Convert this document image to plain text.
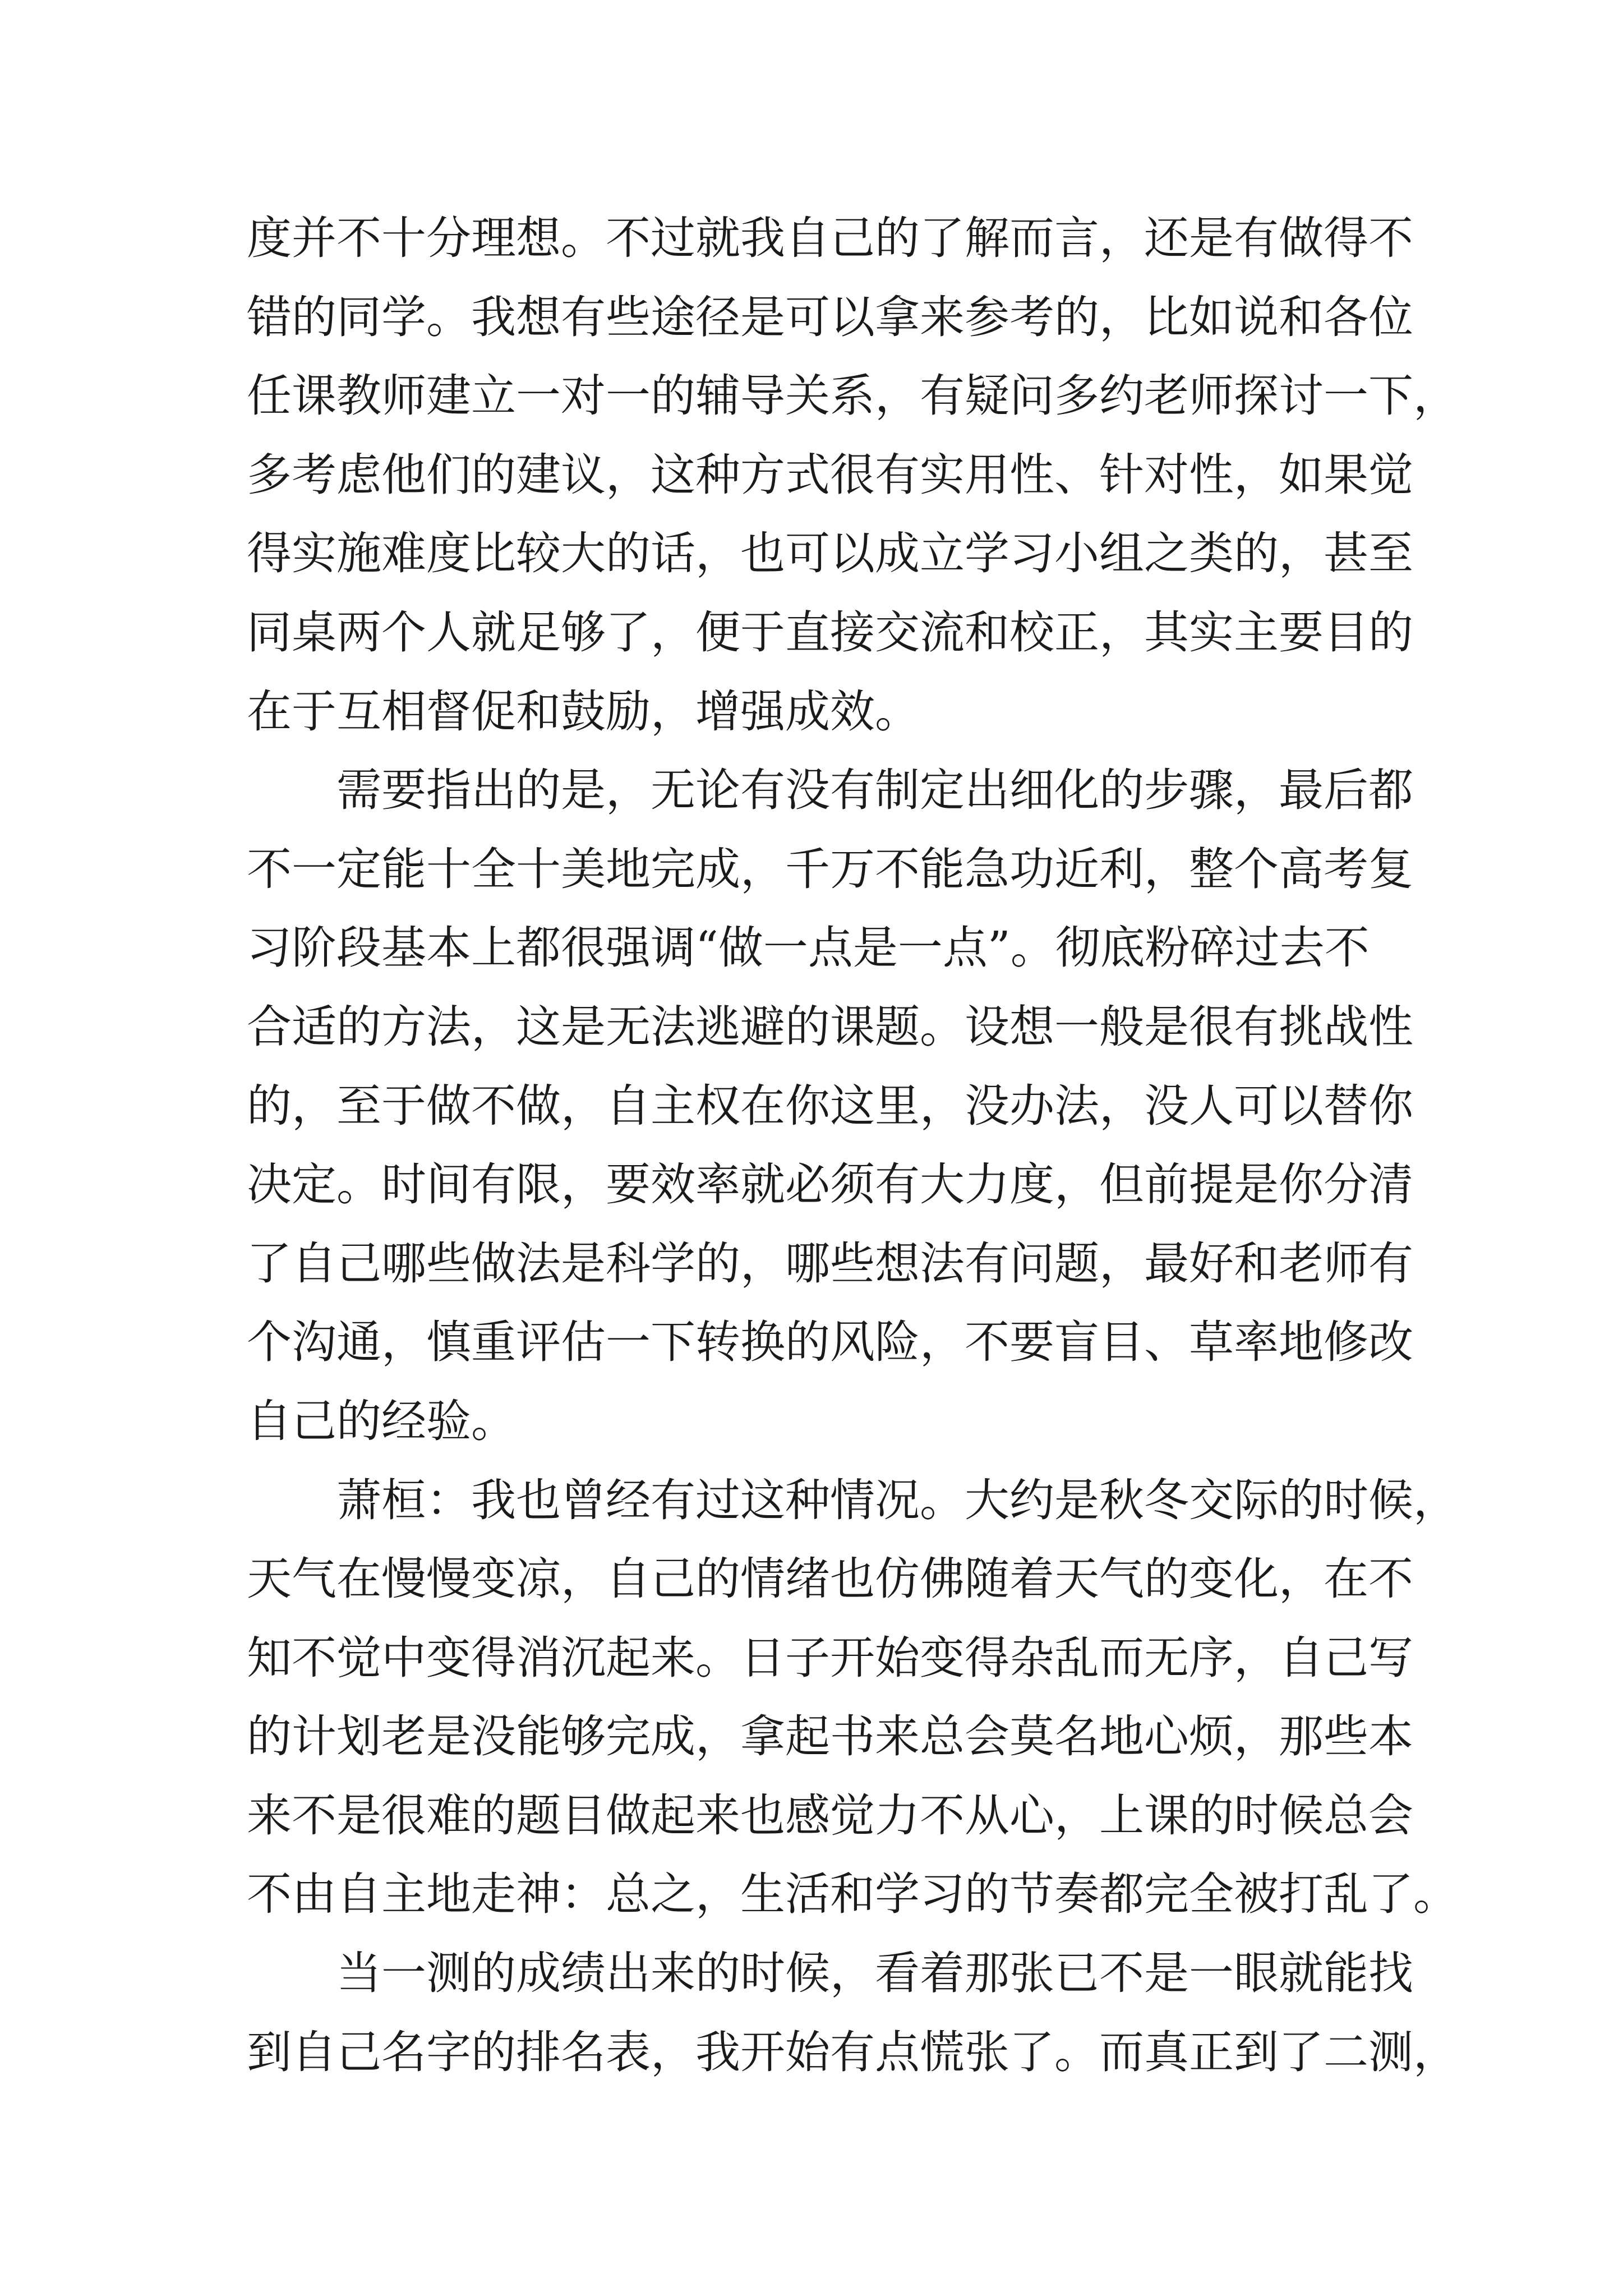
度并不十分理想。不过就我自己的了解而言，还是有做得不
错的同学。我想有些途径是可以拿来参考的，比如说和各位
任课教师建立一对一的辅导关系，有疑问多约老师探讨一下，
多考虑他们的建议，这种方式很有实用性、针对性，如果觉
得实施难度比较大的话，也可以成立学习小组之类的，甚至
同桌两个人就足够了，便于直接交流和校正，其实主要目的
在于互相督促和鼓励，增强成效。
　　需要指出的是，无论有没有制定出细化的步骤，最后都
不一定能十全十美地完成，千万不能急功近利，整个高考复
习阶段基本上都很强调“做一点是一点”。彻底粉碎过去不
合适的方法，这是无法逃避的课题。设想一般是很有挑战性
的，至于做不做，自主权在你这里，没办法，没人可以替你
决定。时间有限，要效率就必须有大力度，但前提是你分清
了自己哪些做法是科学的，哪些想法有问题，最好和老师有
个沟通，慎重评估一下转换的风险，不要盲目、草率地修改
自己的经验。
　　萧桓：我也曾经有过这种情况。大约是秋冬交际的时候，
天气在慢慢变凉，自己的情绪也仿佛随着天气的变化，在不
知不觉中变得消沉起来。日子开始变得杂乱而无序，自己写
的计划老是没能够完成，拿起书来总会莫名地心烦，那些本
来不是很难的题目做起来也感觉力不从心，上课的时候总会
不由自主地走神：总之，生活和学习的节奏都完全被打乱了。
　　当一测的成绩出来的时候，看着那张已不是一眼就能找
到自己名字的排名表，我开始有点慌张了。而真正到了二测，
